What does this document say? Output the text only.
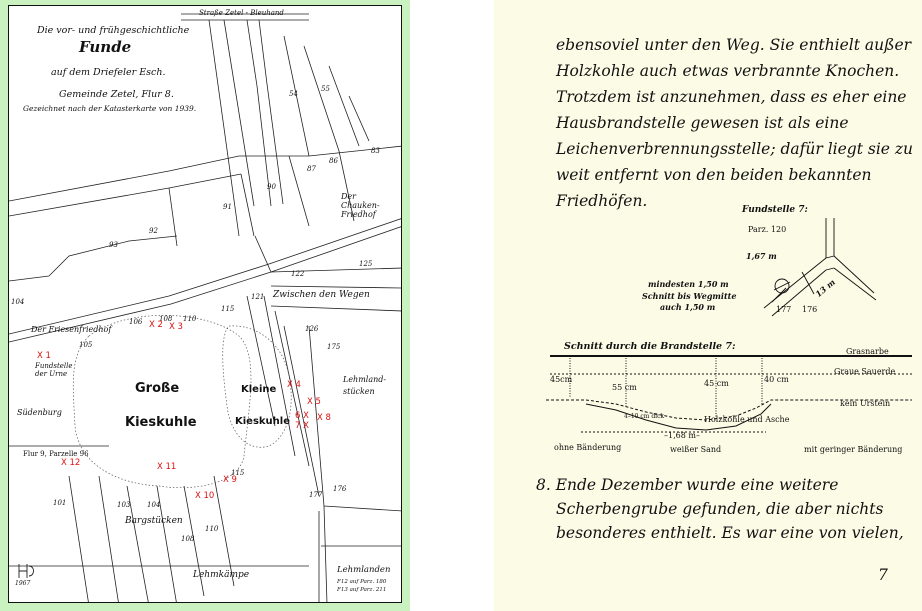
Die vor- und frühgeschichtliche
Funde
auf dem Driefeler Esch.
Gemeinde Zetel, Flur 8.
Gezeichnet nach der Katasterkarte von 1939.
Straße Zetel - Bleuhand
54
55
87
86
83
90
91
92
93
122
125
104
105
106 108 110
115
121
126
175
177
176
101	103 104
108
110
115
Der Chauken-Friedhof
Zwischen den Wegen
Der Friesenfriedhof
Fundstelle der Urne
Südenburg
Große
Kieskuhle
Kleine
Kieskuhle
Lehmland-stücken
Flur 9, Parzelle 96
Bargstücken
Lehmkämpe	Lehmlanden
F12 auf Parz. 180
F13 auf Parz. 211
1967
X 1
X 2 X 3
X 4
X 5
6 X
7 X
X 8
X 9
X 10
X 11
X 12
ebensoviel unter den Weg. Sie enthielt außer
Holzkohle auch etwas verbrannte Knochen.
Trotzdem ist anzunehmen, dass es eher eine
Hausbrandstelle gewesen ist als eine
Leichenverbrennungsstelle; dafür liegt sie zu
weit entfernt von den beiden bekannten
Friedhöfen.	Fundstelle 7:
Parz. 120
1,67 m
mindesten 1,50 m
Schnitt bis Wegmitte
auch 1,50 m
13 m
177 176
Schnitt durch die Brandstelle 7:	Grasnarbe
Graue Sauerde
kein Urstein
45cm
55 cm	45 cm	40 cm
4–10 cm dick	Holzkohle und Asche
–1,68 m–
ohne Bänderung	weißer Sand	mit geringer Bänderung
8. Ende Dezember wurde eine weitere
Scherbengrube gefunden, die aber nichts
besonderes enthielt. Es war eine von vielen,
7
